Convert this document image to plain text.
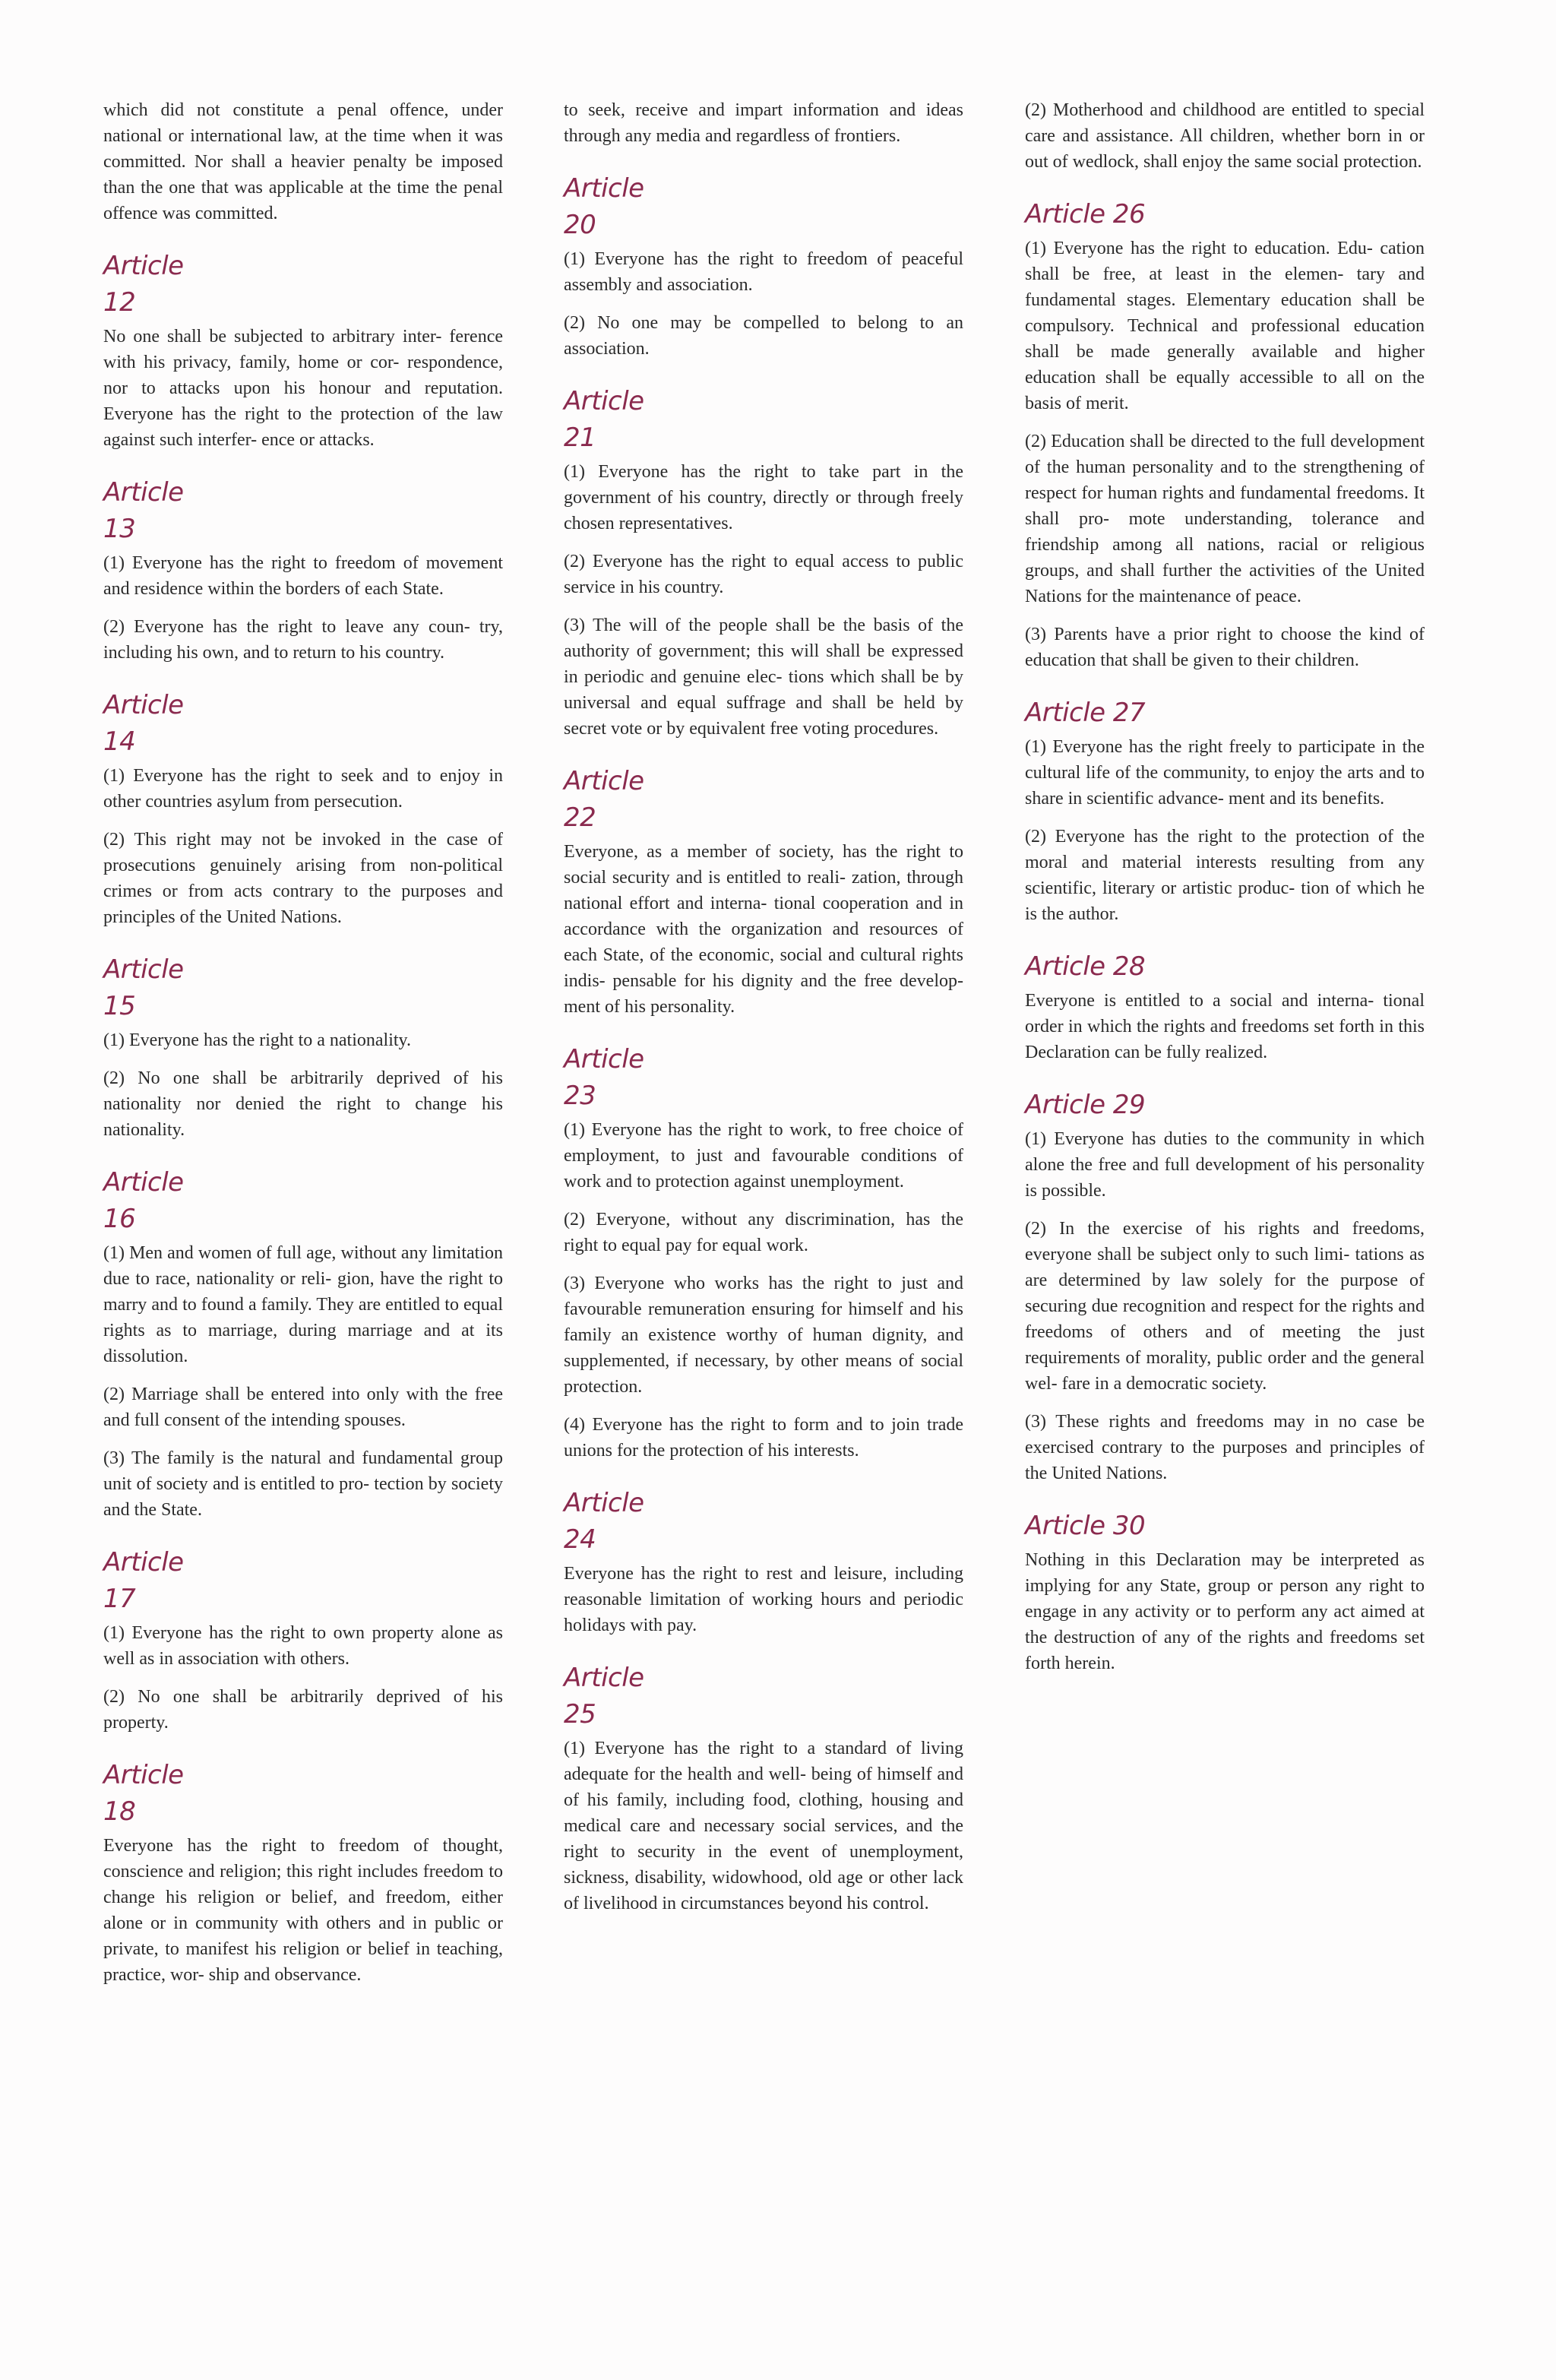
which did not constitute a penal offence, under national or international law, at the time when it was committed. Nor shall a heavier penalty be imposed than the one that was applicable at the time the penal offence was committed.

Article
12

No one shall be subjected to arbitrary inter- ference with his privacy, family, home or cor- respondence, nor to attacks upon his honour and reputation. Everyone has the right to the protection of the law against such interfer- ence or attacks.

Article
13

(1) Everyone has the right to freedom of movement and residence within the borders of each State.

(2) Everyone has the right to leave any coun- try, including his own, and to return to his country.

Article
14

(1) Everyone has the right to seek and to enjoy in other countries asylum from persecution.

(2) This right may not be invoked in the case of prosecutions genuinely arising from non-political crimes or from acts contrary to the purposes and principles of the United Nations.

Article
15

(1) Everyone has the right to a nationality.

(2) No one shall be arbitrarily deprived of his nationality nor denied the right to change his nationality.

Article
16

(1) Men and women of full age, without any limitation due to race, nationality or reli- gion, have the right to marry and to found a family. They are entitled to equal rights as to marriage, during marriage and at its dissolution.

(2) Marriage shall be entered into only with the free and full consent of the intending spouses.

(3) The family is the natural and fundamental group unit of society and is entitled to pro- tection by society and the State.

Article
17

(1) Everyone has the right to own property alone as well as in association with others.

(2) No one shall be arbitrarily deprived of his property.

Article
18

Everyone has the right to freedom of thought, conscience and religion; this right includes freedom to change his religion or belief, and freedom, either alone or in community with others and in public or private, to manifest his religion or belief in teaching, practice, wor- ship and observance.

to seek, receive and impart information and ideas through any media and regardless of frontiers.

Article
20

(1) Everyone has the right to freedom of peaceful assembly and association.

(2) No one may be compelled to belong to an association.

Article
21

(1) Everyone has the right to take part in the government of his country, directly or through freely chosen representatives.

(2) Everyone has the right to equal access to public service in his country.

(3) The will of the people shall be the basis of the authority of government; this will shall be expressed in periodic and genuine elec- tions which shall be by universal and equal suffrage and shall be held by secret vote or by equivalent free voting procedures.

Article
22

Everyone, as a member of society, has the right to social security and is entitled to reali- zation, through national effort and interna- tional cooperation and in accordance with the organization and resources of each State, of the economic, social and cultural rights indis- pensable for his dignity and the free develop- ment of his personality.

Article
23

(1) Everyone has the right to work, to free choice of employment, to just and favourable conditions of work and to protection against unemployment.

(2) Everyone, without any discrimination, has the right to equal pay for equal work.

(3) Everyone who works has the right to just and favourable remuneration ensuring for himself and his family an existence worthy of human dignity, and supplemented, if necessary, by other means of social protection.

(4) Everyone has the right to form and to join trade unions for the protection of his interests.

Article
24

Everyone has the right to rest and leisure, including reasonable limitation of working hours and periodic holidays with pay.

Article
25

(1) Everyone has the right to a standard of living adequate for the health and well- being of himself and of his family, including food, clothing, housing and medical care and necessary social services, and the right to security in the event of unemployment, sickness, disability, widowhood, old age or other lack of livelihood in circumstances beyond his control.

(2) Motherhood and childhood are entitled to special care and assistance. All children, whether born in or out of wedlock, shall enjoy the same social protection.

Article 26

(1) Everyone has the right to education. Edu- cation shall be free, at least in the elemen- tary and fundamental stages. Elementary education shall be compulsory. Technical and professional education shall be made generally available and higher education shall be equally accessible to all on the basis of merit.

(2) Education shall be directed to the full development of the human personality and to the strengthening of respect for human rights and fundamental freedoms. It shall pro- mote understanding, tolerance and friendship among all nations, racial or religious groups, and shall further the activities of the United Nations for the maintenance of peace.

(3) Parents have a prior right to choose the kind of education that shall be given to their children.

Article 27

(1) Everyone has the right freely to participate in the cultural life of the community, to enjoy the arts and to share in scientific advance- ment and its benefits.

(2) Everyone has the right to the protection of the moral and material interests resulting from any scientific, literary or artistic produc- tion of which he is the author.

Article 28

Everyone is entitled to a social and interna- tional order in which the rights and freedoms set forth in this Declaration can be fully realized.

Article 29

(1) Everyone has duties to the community in which alone the free and full development of his personality is possible.

(2) In the exercise of his rights and freedoms, everyone shall be subject only to such limi- tations as are determined by law solely for the purpose of securing due recognition and respect for the rights and freedoms of others and of meeting the just requirements of morality, public order and the general wel- fare in a democratic society.

(3) These rights and freedoms may in no case be exercised contrary to the purposes and principles of the United Nations.

Article 30

Nothing in this Declaration may be interpreted as implying for any State, group or person any right to engage in any activity or to perform any act aimed at the destruction of any of the rights and freedoms set forth herein.
